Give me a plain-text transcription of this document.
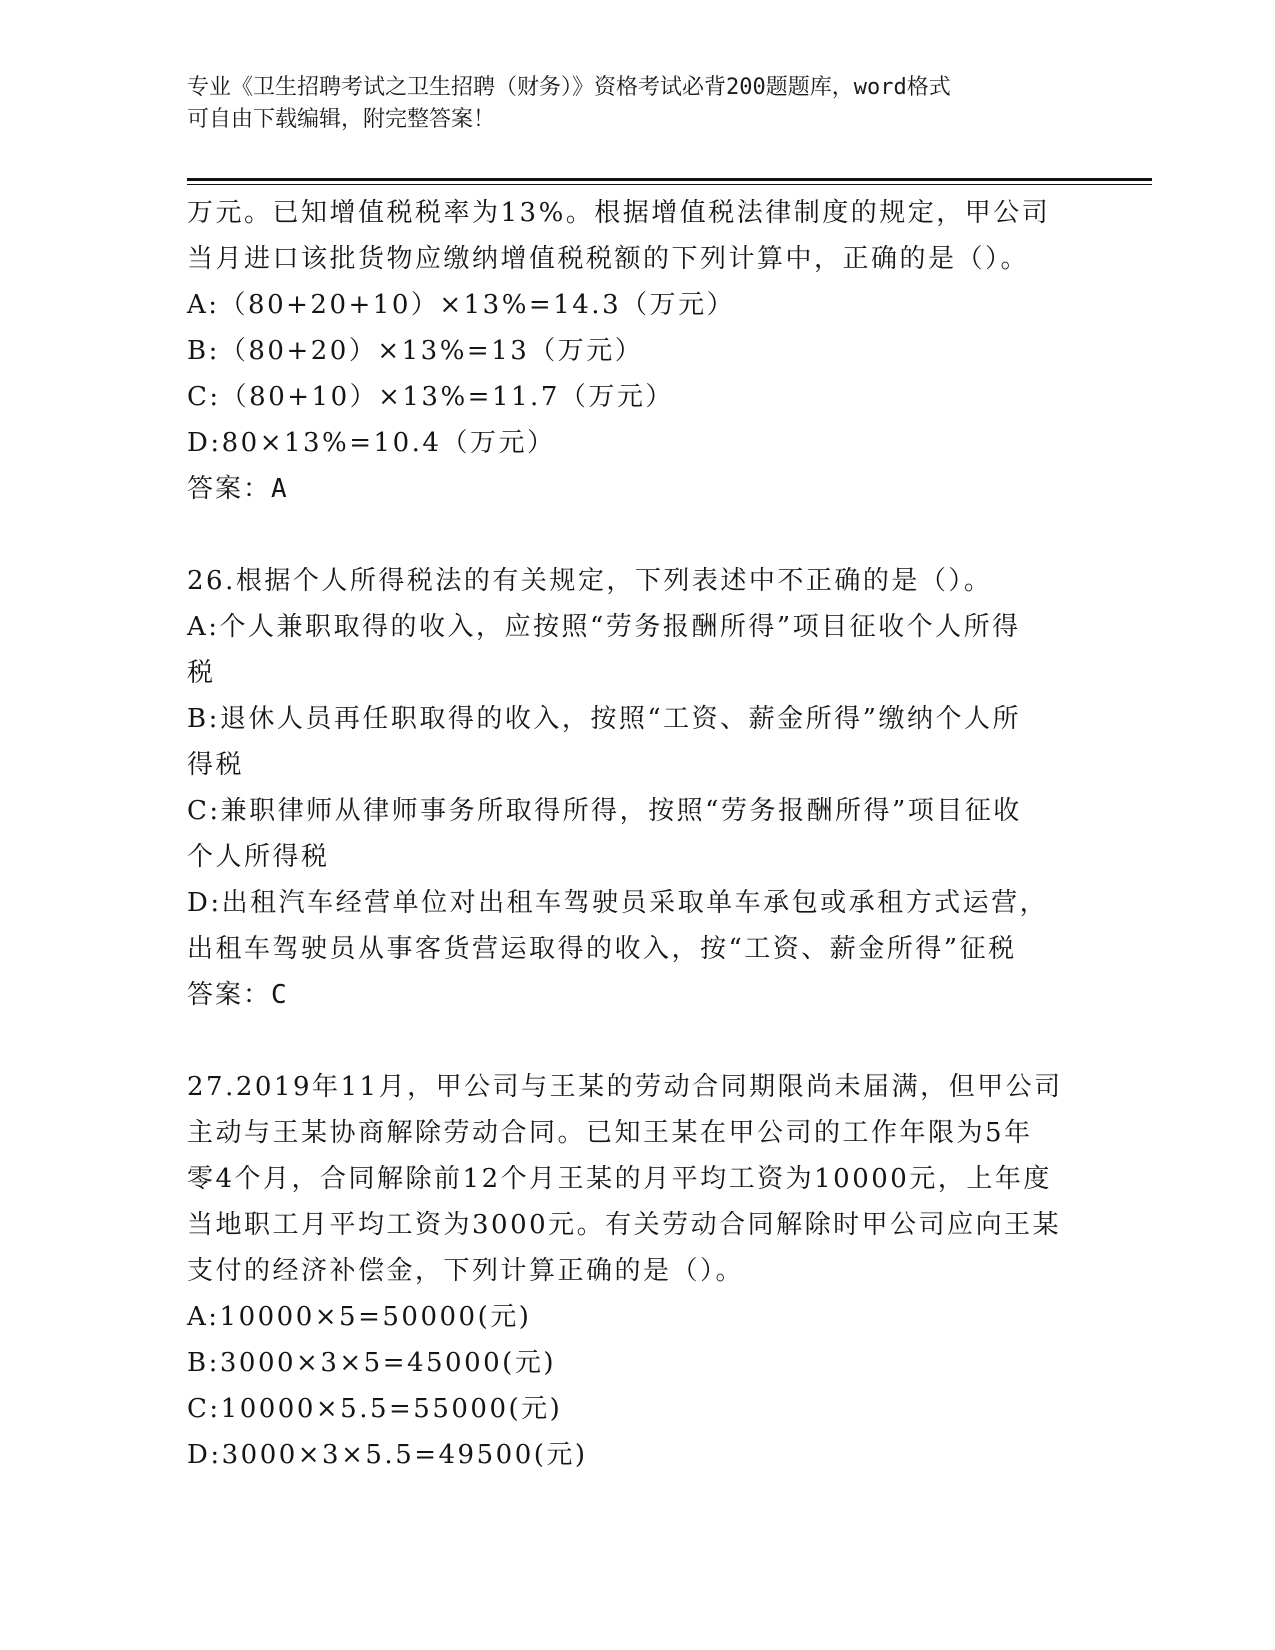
专业《卫生招聘考试之卫生招聘（财务）》资格考试必背200题题库，word格式
可自由下载编辑，附完整答案！
万元。已知增值税税率为13%。根据增值税法律制度的规定，甲公司
当月进口该批货物应缴纳增值税税额的下列计算中，正确的是（）。
A:（80+20+10）×13%=14.3（万元）
B:（80+20）×13%=13（万元）
C:（80+10）×13%=11.7（万元）
D:80×13%=10.4（万元）
答案：A
26.根据个人所得税法的有关规定，下列表述中不正确的是（）。
A:个人兼职取得的收入，应按照“劳务报酬所得”项目征收个人所得
税
B:退休人员再任职取得的收入，按照“工资、薪金所得”缴纳个人所
得税
C:兼职律师从律师事务所取得所得，按照“劳务报酬所得”项目征收
个人所得税
D:出租汽车经营单位对出租车驾驶员采取单车承包或承租方式运营，
出租车驾驶员从事客货营运取得的收入，按“工资、薪金所得”征税
答案：C
27.2019年11月，甲公司与王某的劳动合同期限尚未届满，但甲公司
主动与王某协商解除劳动合同。已知王某在甲公司的工作年限为5年
零4个月，合同解除前12个月王某的月平均工资为10000元，上年度
当地职工月平均工资为3000元。有关劳动合同解除时甲公司应向王某
支付的经济补偿金，下列计算正确的是（）。
A:10000×5=50000(元)
B:3000×3×5=45000(元)
C:10000×5.5=55000(元)
D:3000×3×5.5=49500(元)
